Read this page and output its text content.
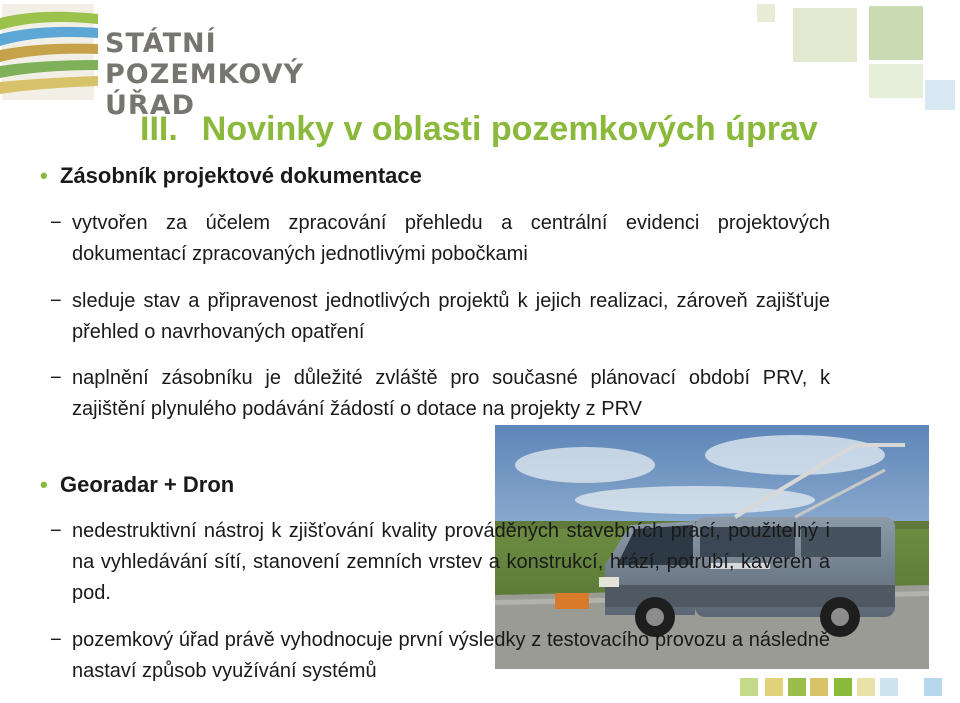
STÁTNÍ
POZEMKOVÝ ÚŘAD
III. Novinky v oblasti pozemkových úprav
• Zásobník projektové dokumentace
− vytvořen za účelem zpracování přehledu a centrální evidenci projektových dokumentací zpracovaných jednotlivými pobočkami
− sleduje stav a připravenost jednotlivých projektů k jejich realizaci, zároveň zajišťuje přehled o navrhovaných opatření
− naplnění zásobníku je důležité zvláště pro současné plánovací období PRV, k zajištění plynulého podávání žádostí o dotace na projekty z PRV
• Georadar + Dron
− nedestruktivní nástroj k zjišťování kvality prováděných stavebních prací, použitelný i na vyhledávání sítí, stanovení zemních vrstev a konstrukcí, hrází, potrubí, kaveren a pod.
− pozemkový úřad právě vyhodnocuje první výsledky z testovacího provozu a následně nastaví způsob využívání systémů
